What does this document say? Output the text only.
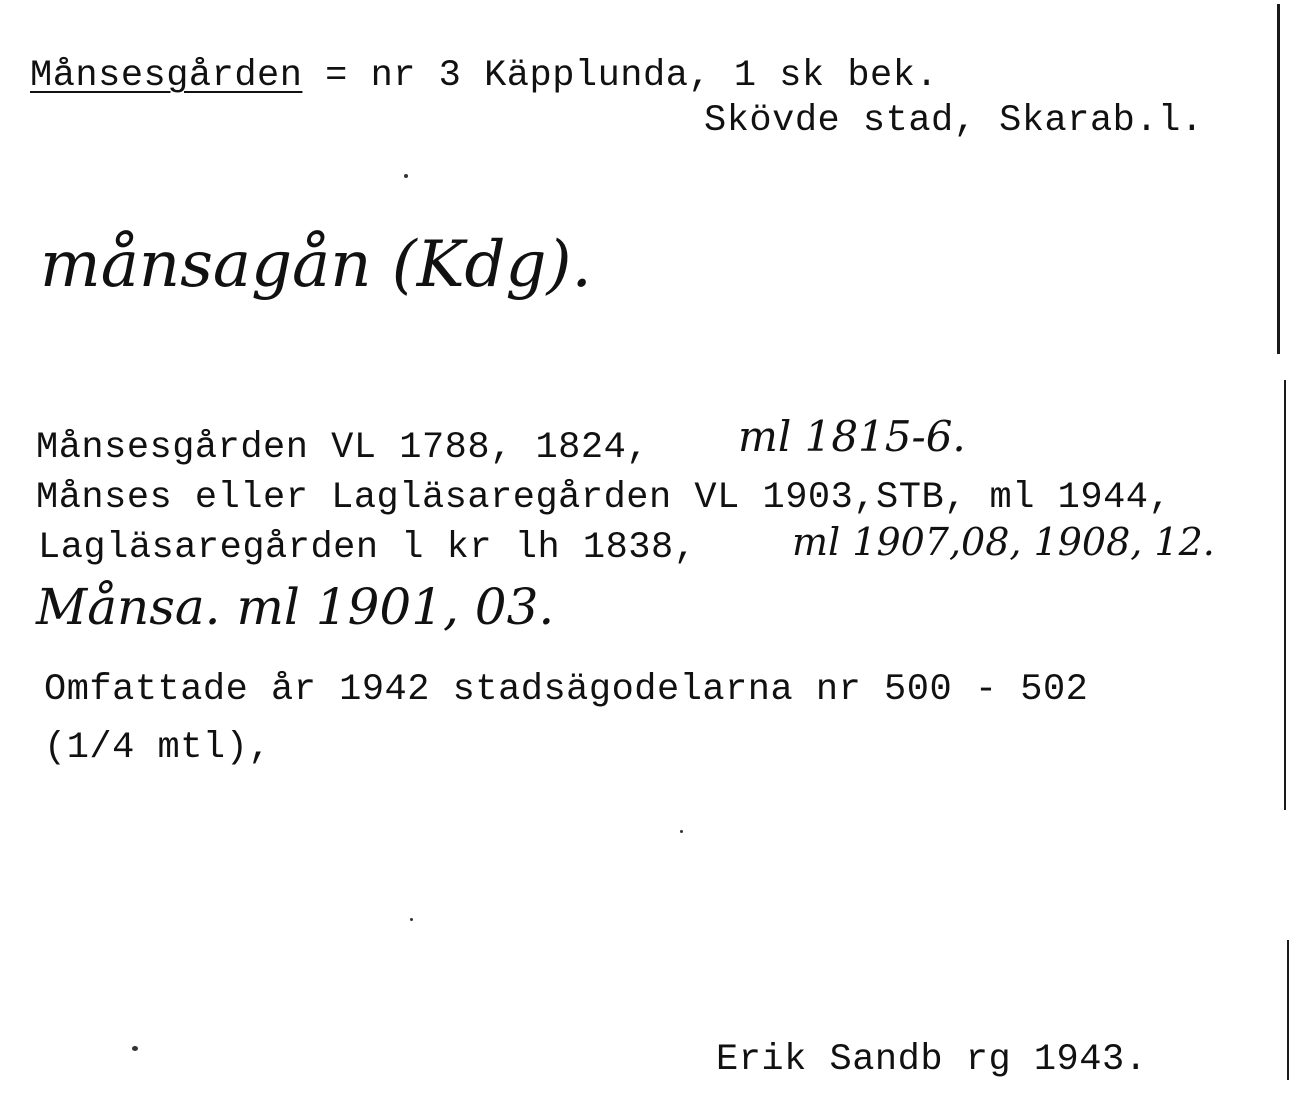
Månsesgården = nr 3 Käpplunda, 1 sk bek.
Skövde stad, Skarab.l.
månsagån (Kdg).
Månsesgården VL 1788, 1824, ml 1815-6.
Månses eller Lagläsaregården VL 1903,STB, ml 1944,
Lagläsaregården l kr lh 1838,	ml 1907,08, 1908, 12.
Månsa. ml 1901, 03.
Omfattade år 1942 stadsägodelarna nr 500 - 502
(1/4 mtl),
Erik Sandb rg 1943.
